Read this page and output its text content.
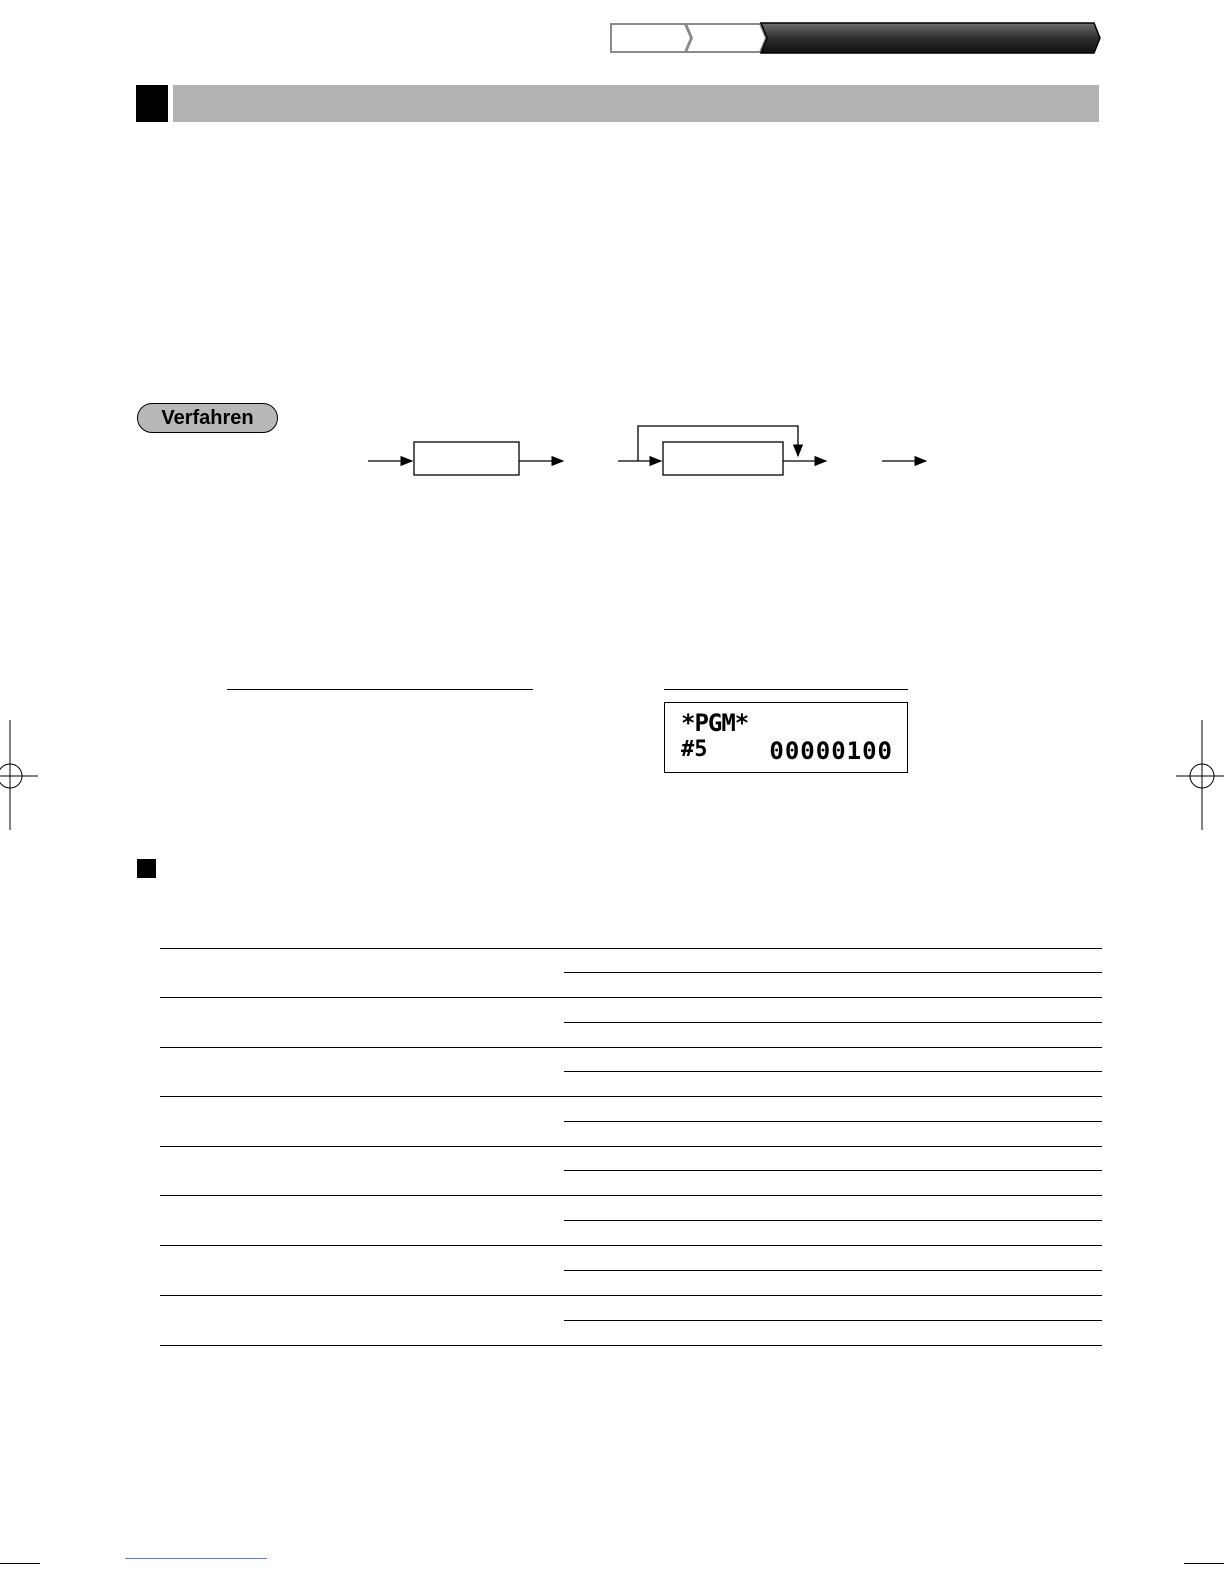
Verfahren
*PGM*
#5	00000100
